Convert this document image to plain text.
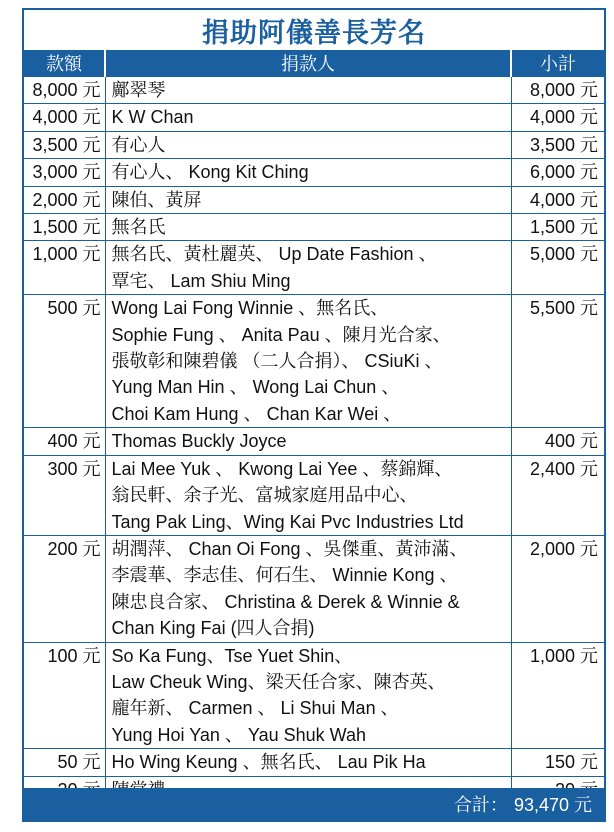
捐助阿儀善長芳名
款額	捐款人	小計
8,000 元	鄺翠琴	8,000 元
4,000 元	K W Chan	4,000 元
3,500 元	有心人	3,500 元
3,000 元	有心人、 Kong Kit Ching	6,000 元
2,000 元	陳伯、黃屏	4,000 元
1,500 元	無名氏	1,500 元
1,000 元	無名氏、黃杜麗英、 Up Date Fashion 、
覃宅、 Lam Shiu Ming	5,000 元
500 元	Wong Lai Fong Winnie 、無名氏、
Sophie Fung 、 Anita Pau 、陳月光合家、
張敬彰和陳碧儀 （二人合捐）、 CSiuKi 、
Yung Man Hin 、 Wong Lai Chun 、
Choi Kam Hung 、 Chan Kar Wei 、	5,500 元
400 元	Thomas Buckly Joyce	400 元
300 元	Lai Mee Yuk 、 Kwong Lai Yee 、蔡錦輝、
翁民軒、余子光、富城家庭用品中心、
Tang Pak Ling、Wing Kai Pvc Industries Ltd	2,400 元
200 元	胡潤萍、 Chan Oi Fong 、吳傑重、黃沛滿、
李震華、李志佳、何石生、 Winnie Kong 、
陳忠良合家、 Christina & Derek & Winnie &
Chan King Fai (四人合捐)	2,000 元
100 元	So Ka Fung、Tse Yuet Shin、
Law Cheuk Wing、梁天任合家、陳杏英、
龐年新、 Carmen 、 Li Shui Man 、
Yung Hoi Yan 、 Yau Shuk Wah	1,000 元
50 元	Ho Wing Keung 、無名氏、 Lau Pik Ha	150 元

合計： 93,470 元
